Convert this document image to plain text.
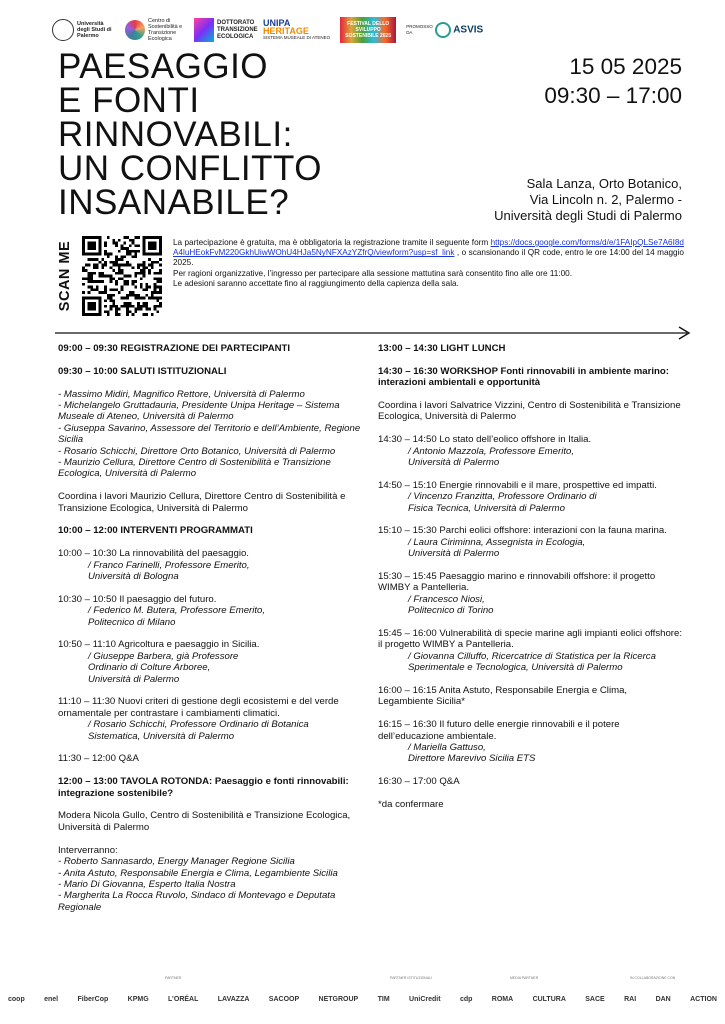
Università degli Studi di Palermo
Centro di Sostenibilità e Transizione Ecologica
DOTTORATO TRANSIZIONE ECOLOGICA
UNIPA
HERITAGE
SISTEMA MUSEALE DI ATENEO
FESTIVAL DELLO SVILUPPO SOSTENIBILE 2025
PROMOSSO DA	ASVIS
PAESAGGIO
E FONTI
RINNOVABILI:
UN CONFLITTO
INSANABILE?
15 05 2025
09:30 – 17:00
Sala Lanza, Orto Botanico,
Via Lincoln n. 2, Palermo -
Università degli Studi di Palermo
SCAN ME	La partecipazione è gratuita, ma è obbligatoria la registrazione tramite il seguente form https://docs.google.com/forms/d/e/1FAIpQLSe7A6I8dA4luHEokFvM220GkhUiwWOhU4HJa5NyNFXAzYZfrQ/viewform?usp=sf_link , o scansionando il QR code, entro le ore 14:00 del 14 maggio 2025.

Per ragioni organizzative, l’ingresso per partecipare alla sessione mattutina sarà consentito fino alle ore 11:00.

Le adesioni saranno accettate fino al raggiungimento della capienza della sala.

09:00 – 09:30 REGISTRAZIONE DEI PARTECIPANTI
09:30 – 10:00 SALUTI ISTITUZIONALI
- Massimo Midiri, Magnifico Rettore, Università di Palermo
- Michelangelo Gruttadauria, Presidente Unipa Heritage – Sistema Museale di Ateneo, Università di Palermo
- Giuseppa Savarino, Assessore del Territorio e dell’Ambiente, Regione Sicilia
- Rosario Schicchi, Direttore Orto Botanico, Università di Palermo
- Maurizio Cellura, Direttore Centro di Sostenibilità e Transizione Ecologica, Università di Palermo
Coordina i lavori Maurizio Cellura, Direttore Centro di Sostenibilità e Transizione Ecologica, Università di Palermo
10:00 – 12:00 INTERVENTI PROGRAMMATI
10:00 – 10:30 La rinnovabilità del paesaggio.
/ Franco Farinelli, Professore Emerito,
Università di Bologna
10:30 – 10:50 Il paesaggio del futuro.
/ Federico M. Butera, Professore Emerito,
Politecnico di Milano
10:50 – 11:10 Agricoltura e paesaggio in Sicilia.
/ Giuseppe Barbera, già Professore
Ordinario di Colture Arboree,
Università di Palermo
11:10 – 11:30 Nuovi criteri di gestione degli ecosistemi e del verde ornamentale per contrastare i cambiamenti climatici.
/ Rosario Schicchi, Professore Ordinario di Botanica
Sistematica, Università di Palermo
11:30 – 12:00 Q&A
12:00 – 13:00 TAVOLA ROTONDA: Paesaggio e fonti rinnovabili: integrazione sostenibile?
Modera Nicola Gullo, Centro di Sostenibilità e Transizione Ecologica, Università di Palermo
Interverranno:
- Roberto Sannasardo, Energy Manager Regione Sicilia
- Anita Astuto, Responsabile Energia e Clima, Legambiente Sicilia
- Mario Di Giovanna, Esperto Italia Nostra
- Margherita La Rocca Ruvolo, Sindaco di Montevago e Deputata Regionale
13:00 – 14:30 LIGHT LUNCH
14:30 – 16:30 WORKSHOP Fonti rinnovabili in ambiente marino: interazioni ambientali e opportunità
Coordina i lavori Salvatrice Vizzini, Centro di Sostenibilità e Transizione Ecologica, Università di Palermo
14:30 – 14:50 Lo stato dell’eolico offshore in Italia.
/ Antonio Mazzola, Professore Emerito,
Università di Palermo
14:50 – 15:10 Energie rinnovabili e il mare, prospettive ed impatti.
/ Vincenzo Franzitta, Professore Ordinario di
Fisica Tecnica, Università di Palermo
15:10 – 15:30 Parchi eolici offshore: interazioni con la fauna marina.
/ Laura Ciriminna, Assegnista in Ecologia,
Università di Palermo
15:30 – 15:45 Paesaggio marino e rinnovabili offshore: il progetto WIMBY a Pantelleria.
/ Francesco Niosi,
Politecnico di Torino
15:45 – 16:00 Vulnerabilità di specie marine agli impianti eolici offshore: il progetto WIMBY a Pantelleria.
/ Giovanna Cilluffo, Ricercatrice di Statistica per la Ricerca Sperimentale e Tecnologica, Università di Palermo
16:00 – 16:15 Anita Astuto, Responsabile Energia e Clima, Legambiente Sicilia*
16:15 – 16:30 Il futuro delle energie rinnovabili e il potere dell’educazione ambientale.
/ Mariella Gattuso,
Direttore Marevivo Sicilia ETS
16:30 – 17:00 Q&A
*da confermare
PARTNER	PARTNER ISTITUZIONALI	MEDIA PARTNER	IN COLLABORAZIONE CON
coop	enel	FiberCop	KPMG	L’ORÉAL	LAVAZZA	SACOOP	NETGROUP	TIM	UniCredit	cdp	ROMA	CULTURA	SACE	RAI	DAN	ACTION
